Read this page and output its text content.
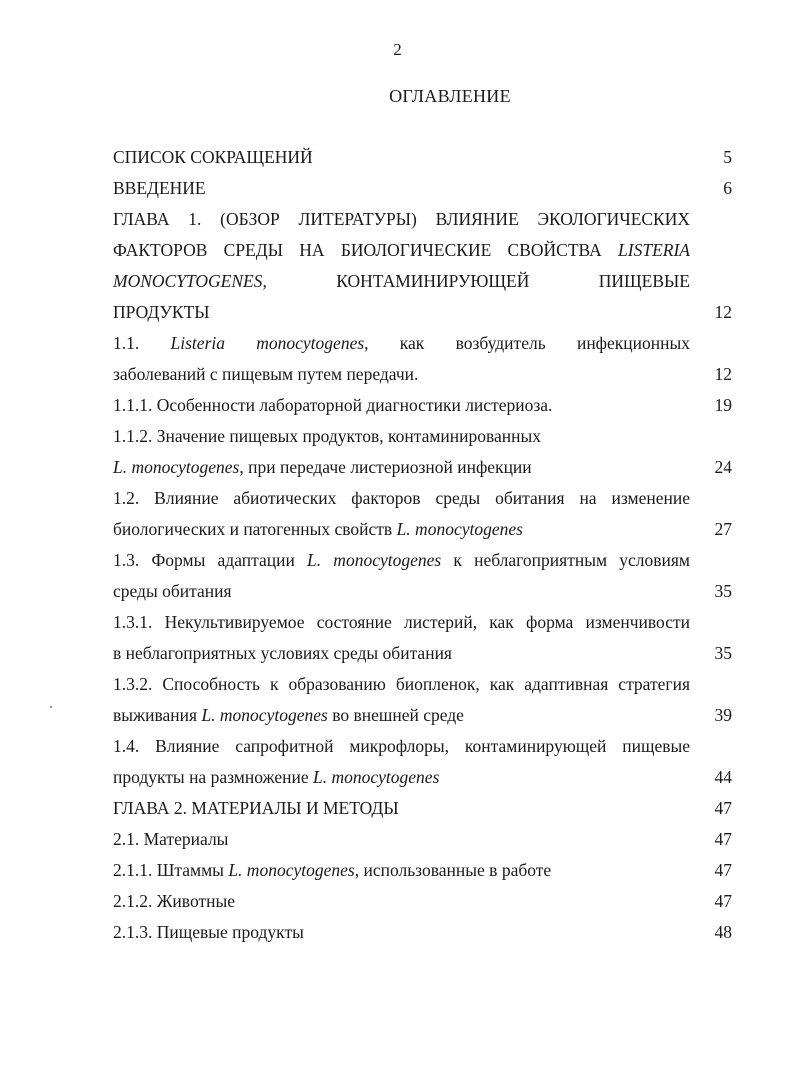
2
ОГЛАВЛЕНИЕ
СПИСОК СОКРАЩЕНИЙ	5
ВВЕДЕНИЕ	6
ГЛАВА 1. (ОБЗОР ЛИТЕРАТУРЫ) ВЛИЯНИЕ ЭКОЛОГИЧЕСКИХ
ФАКТОРОВ СРЕДЫ НА БИОЛОГИЧЕСКИЕ СВОЙСТВА LISTERIA
MONOCYTOGENES, КОНТАМИНИРУЮЩЕЙ ПИЩЕВЫЕ
ПРОДУКТЫ	12
1.1. Listeria monocytogenes, как возбудитель инфекционных
заболеваний с пищевым путем передачи.	12
1.1.1. Особенности лабораторной диагностики листериоза.	19
1.1.2. Значение пищевых продуктов, контаминированных
L. monocytogenes, при передаче листериозной инфекции	24
1.2. Влияние абиотических факторов среды обитания на изменение
биологических и патогенных свойств L. monocytogenes	27
1.3. Формы адаптации L. monocytogenes к неблагоприятным условиям
среды обитания	35
1.3.1. Некультивируемое состояние листерий, как форма изменчивости
в неблагоприятных условиях среды обитания	35
1.3.2. Способность к образованию биопленок, как адаптивная стратегия
выживания L. monocytogenes во внешней среде	39
1.4. Влияние сапрофитной микрофлоры, контаминирующей пищевые
продукты на размножение L. monocytogenes	44
ГЛАВА 2. МАТЕРИАЛЫ И МЕТОДЫ	47
2.1. Материалы	47
2.1.1. Штаммы L. monocytogenes, использованные в работе	47
2.1.2. Животные	47
2.1.3. Пищевые продукты	48
